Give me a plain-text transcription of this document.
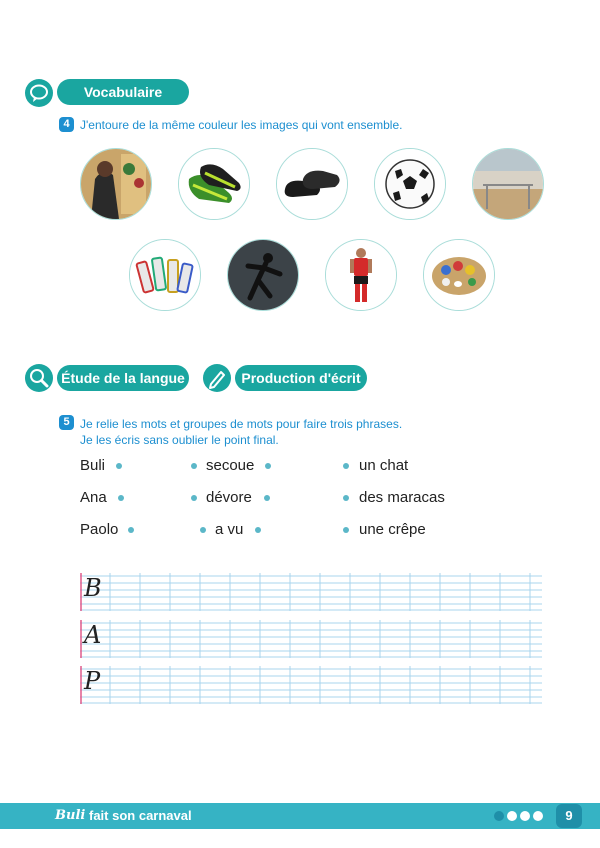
Vocabulaire
4 J'entoure de la même couleur les images qui vont ensemble.
Étude de la langue	Production d'écrit
5 Je relie les mots et groupes de mots pour faire trois phrases.
Je les écris sans oublier le point final.
Buli
Ana
Paolo
secoue
dévore
a vu
un chat
des maracas
une crêpe
B
A
P
Buli fait son carnaval	9
